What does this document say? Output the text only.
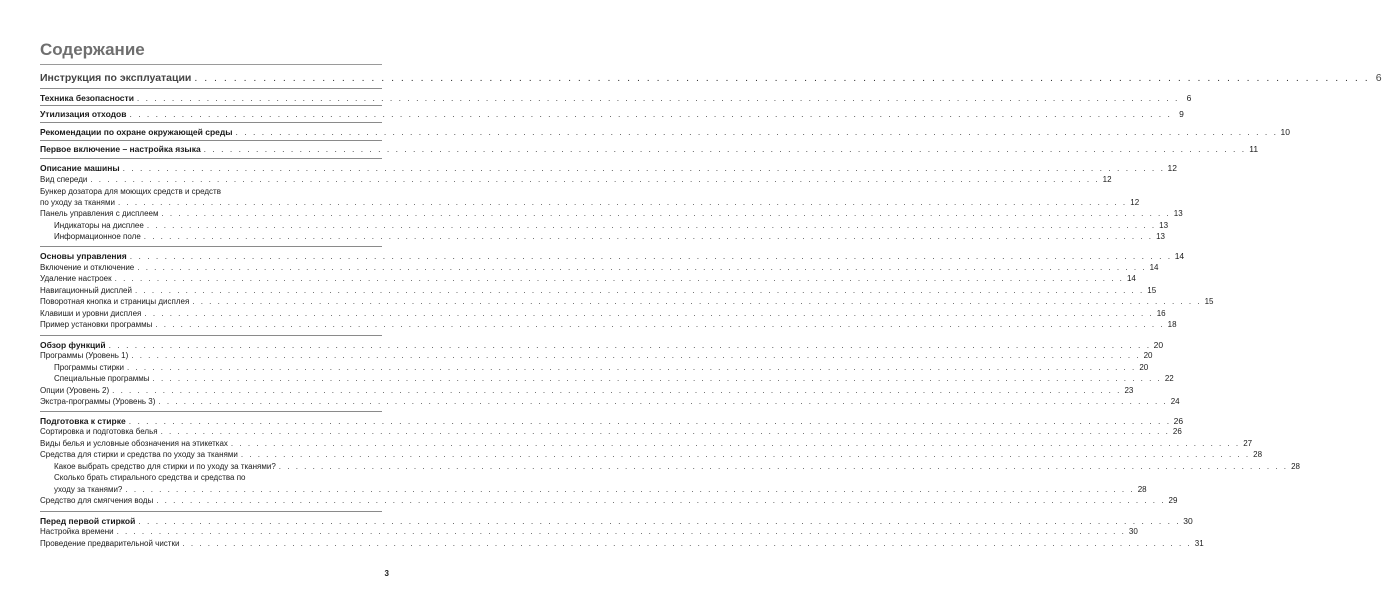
Содержание
Инструкция по эксплуатации . . . . . . . . . . . . . . . . . . . . . . . . . . . . . . . . . . . . . . . . . . . . . . . . . . . . . . . . . . . . . . . . . . . . . . . . . . . . . . . . . . . . . . . . . . . . . . . . . . . . . . . . . . . . . . . . . . . . . . . . 6
Техника безопасности . . . . . . . . . . . . . . . . . . . . . . . . . . . . . . . . . . . . . . . . . . . . . . . . . . . . . . . . . . . . . . . . . . . . . . . . . . . . . . . . . . . . . . . . . . . . . . . . . . . . . . . . . . . . . . . . . . . . . . . . 6
Утилизация отходов . . . . . . . . . . . . . . . . . . . . . . . . . . . . . . . . . . . . . . . . . . . . . . . . . . . . . . . . . . . . . . . . . . . . . . . . . . . . . . . . . . . . . . . . . . . . . . . . . . . . . . . . . . . . . . . . . . . . . . . . 9
Рекомендации по охране окружающей среды . . . . . . . . . . . . . . . . . . . . . . . . . . . . . . . . . . . . . . . . . . . . . . . . . . . . . . . . . . . . . . . . . . . . . . . . . . . . . . . . . . . . . . . . . . . . . . . . . . . . . . . . . . . . . . . . . . . . . . . . 10
Первое включение – настройка языка . . . . . . . . . . . . . . . . . . . . . . . . . . . . . . . . . . . . . . . . . . . . . . . . . . . . . . . . . . . . . . . . . . . . . . . . . . . . . . . . . . . . . . . . . . . . . . . . . . . . . . . . . . . . . . . . . . . . . . . . 11
Описание машины . . . . . . . . . . . . . . . . . . . . . . . . . . . . . . . . . . . . . . . . . . . . . . . . . . . . . . . . . . . . . . . . . . . . . . . . . . . . . . . . . . . . . . . . . . . . . . . . . . . . . . . . . . . . . . . . . . . . . . . . 12
Вид спереди . . . . . . . . . . . . . . . . . . . . . . . . . . . . . . . . . . . . . . . . . . . . . . . . . . . . . . . . . . . . . . . . . . . . . . . . . . . . . . . . . . . . . . . . . . . . . . . . . . . . . . . . . . . . . . . . . . . . . . . . 12
Бункер дозатора для моющих средств и средств
по уходу за тканями . . . . . . . . . . . . . . . . . . . . . . . . . . . . . . . . . . . . . . . . . . . . . . . . . . . . . . . . . . . . . . . . . . . . . . . . . . . . . . . . . . . . . . . . . . . . . . . . . . . . . . . . . . . . . . . . . . . . . . . . 12
Панель управления с дисплеем . . . . . . . . . . . . . . . . . . . . . . . . . . . . . . . . . . . . . . . . . . . . . . . . . . . . . . . . . . . . . . . . . . . . . . . . . . . . . . . . . . . . . . . . . . . . . . . . . . . . . . . . . . . . . . . . . . . . . . . . 13
Индикаторы на дисплее . . . . . . . . . . . . . . . . . . . . . . . . . . . . . . . . . . . . . . . . . . . . . . . . . . . . . . . . . . . . . . . . . . . . . . . . . . . . . . . . . . . . . . . . . . . . . . . . . . . . . . . . . . . . . . . . . . . . . . . . 13
Информационное поле . . . . . . . . . . . . . . . . . . . . . . . . . . . . . . . . . . . . . . . . . . . . . . . . . . . . . . . . . . . . . . . . . . . . . . . . . . . . . . . . . . . . . . . . . . . . . . . . . . . . . . . . . . . . . . . . . . . . . . . . 13
Основы управления . . . . . . . . . . . . . . . . . . . . . . . . . . . . . . . . . . . . . . . . . . . . . . . . . . . . . . . . . . . . . . . . . . . . . . . . . . . . . . . . . . . . . . . . . . . . . . . . . . . . . . . . . . . . . . . . . . . . . . . . 14
Включение и отключение . . . . . . . . . . . . . . . . . . . . . . . . . . . . . . . . . . . . . . . . . . . . . . . . . . . . . . . . . . . . . . . . . . . . . . . . . . . . . . . . . . . . . . . . . . . . . . . . . . . . . . . . . . . . . . . . . . . . . . . . 14
Удаление настроек . . . . . . . . . . . . . . . . . . . . . . . . . . . . . . . . . . . . . . . . . . . . . . . . . . . . . . . . . . . . . . . . . . . . . . . . . . . . . . . . . . . . . . . . . . . . . . . . . . . . . . . . . . . . . . . . . . . . . . . . 14
Навигационный дисплей . . . . . . . . . . . . . . . . . . . . . . . . . . . . . . . . . . . . . . . . . . . . . . . . . . . . . . . . . . . . . . . . . . . . . . . . . . . . . . . . . . . . . . . . . . . . . . . . . . . . . . . . . . . . . . . . . . . . . . . . 15
Поворотная кнопка и страницы дисплея . . . . . . . . . . . . . . . . . . . . . . . . . . . . . . . . . . . . . . . . . . . . . . . . . . . . . . . . . . . . . . . . . . . . . . . . . . . . . . . . . . . . . . . . . . . . . . . . . . . . . . . . . . . . . . . . . . . . . . . . 15
Клавиши и уровни дисплея . . . . . . . . . . . . . . . . . . . . . . . . . . . . . . . . . . . . . . . . . . . . . . . . . . . . . . . . . . . . . . . . . . . . . . . . . . . . . . . . . . . . . . . . . . . . . . . . . . . . . . . . . . . . . . . . . . . . . . . . 16
Пример установки программы . . . . . . . . . . . . . . . . . . . . . . . . . . . . . . . . . . . . . . . . . . . . . . . . . . . . . . . . . . . . . . . . . . . . . . . . . . . . . . . . . . . . . . . . . . . . . . . . . . . . . . . . . . . . . . . . . . . . . . . . 18
Обзор функций . . . . . . . . . . . . . . . . . . . . . . . . . . . . . . . . . . . . . . . . . . . . . . . . . . . . . . . . . . . . . . . . . . . . . . . . . . . . . . . . . . . . . . . . . . . . . . . . . . . . . . . . . . . . . . . . . . . . . . . . 20
Программы (Уровень 1) . . . . . . . . . . . . . . . . . . . . . . . . . . . . . . . . . . . . . . . . . . . . . . . . . . . . . . . . . . . . . . . . . . . . . . . . . . . . . . . . . . . . . . . . . . . . . . . . . . . . . . . . . . . . . . . . . . . . . . . . 20
Программы стирки . . . . . . . . . . . . . . . . . . . . . . . . . . . . . . . . . . . . . . . . . . . . . . . . . . . . . . . . . . . . . . . . . . . . . . . . . . . . . . . . . . . . . . . . . . . . . . . . . . . . . . . . . . . . . . . . . . . . . . . . 20
Специальные программы . . . . . . . . . . . . . . . . . . . . . . . . . . . . . . . . . . . . . . . . . . . . . . . . . . . . . . . . . . . . . . . . . . . . . . . . . . . . . . . . . . . . . . . . . . . . . . . . . . . . . . . . . . . . . . . . . . . . . . . . 22
Опции (Уровень 2) . . . . . . . . . . . . . . . . . . . . . . . . . . . . . . . . . . . . . . . . . . . . . . . . . . . . . . . . . . . . . . . . . . . . . . . . . . . . . . . . . . . . . . . . . . . . . . . . . . . . . . . . . . . . . . . . . . . . . . . . 23
Экстра-программы (Уровень 3) . . . . . . . . . . . . . . . . . . . . . . . . . . . . . . . . . . . . . . . . . . . . . . . . . . . . . . . . . . . . . . . . . . . . . . . . . . . . . . . . . . . . . . . . . . . . . . . . . . . . . . . . . . . . . . . . . . . . . . . . 24
Подготовка к стирке . . . . . . . . . . . . . . . . . . . . . . . . . . . . . . . . . . . . . . . . . . . . . . . . . . . . . . . . . . . . . . . . . . . . . . . . . . . . . . . . . . . . . . . . . . . . . . . . . . . . . . . . . . . . . . . . . . . . . . . . 26
Сортировка и подготовка белья . . . . . . . . . . . . . . . . . . . . . . . . . . . . . . . . . . . . . . . . . . . . . . . . . . . . . . . . . . . . . . . . . . . . . . . . . . . . . . . . . . . . . . . . . . . . . . . . . . . . . . . . . . . . . . . . . . . . . . . . 26
Виды белья и условные обозначения на этикетках . . . . . . . . . . . . . . . . . . . . . . . . . . . . . . . . . . . . . . . . . . . . . . . . . . . . . . . . . . . . . . . . . . . . . . . . . . . . . . . . . . . . . . . . . . . . . . . . . . . . . . . . . . . . . . . . . . . . . . . . 27
Средства для стирки и средства по уходу за тканями . . . . . . . . . . . . . . . . . . . . . . . . . . . . . . . . . . . . . . . . . . . . . . . . . . . . . . . . . . . . . . . . . . . . . . . . . . . . . . . . . . . . . . . . . . . . . . . . . . . . . . . . . . . . . . . . . . . . . . . . 28
Какое выбрать средство для стирки и по уходу за тканями? . . . . . . . . . . . . . . . . . . . . . . . . . . . . . . . . . . . . . . . . . . . . . . . . . . . . . . . . . . . . . . . . . . . . . . . . . . . . . . . . . . . . . . . . . . . . . . . . . . . . . . . . . . . . . . . . . . . . . . . . 28
Сколько брать стирального средства и средства по
уходу за тканями? . . . . . . . . . . . . . . . . . . . . . . . . . . . . . . . . . . . . . . . . . . . . . . . . . . . . . . . . . . . . . . . . . . . . . . . . . . . . . . . . . . . . . . . . . . . . . . . . . . . . . . . . . . . . . . . . . . . . . . . . 28
Средство для смягчения воды . . . . . . . . . . . . . . . . . . . . . . . . . . . . . . . . . . . . . . . . . . . . . . . . . . . . . . . . . . . . . . . . . . . . . . . . . . . . . . . . . . . . . . . . . . . . . . . . . . . . . . . . . . . . . . . . . . . . . . . . 29
Перед первой стиркой . . . . . . . . . . . . . . . . . . . . . . . . . . . . . . . . . . . . . . . . . . . . . . . . . . . . . . . . . . . . . . . . . . . . . . . . . . . . . . . . . . . . . . . . . . . . . . . . . . . . . . . . . . . . . . . . . . . . . . . . 30
Настройка времени . . . . . . . . . . . . . . . . . . . . . . . . . . . . . . . . . . . . . . . . . . . . . . . . . . . . . . . . . . . . . . . . . . . . . . . . . . . . . . . . . . . . . . . . . . . . . . . . . . . . . . . . . . . . . . . . . . . . . . . . 30
Проведение предварительной чистки . . . . . . . . . . . . . . . . . . . . . . . . . . . . . . . . . . . . . . . . . . . . . . . . . . . . . . . . . . . . . . . . . . . . . . . . . . . . . . . . . . . . . . . . . . . . . . . . . . . . . . . . . . . . . . . . . . . . . . . . 31
3
